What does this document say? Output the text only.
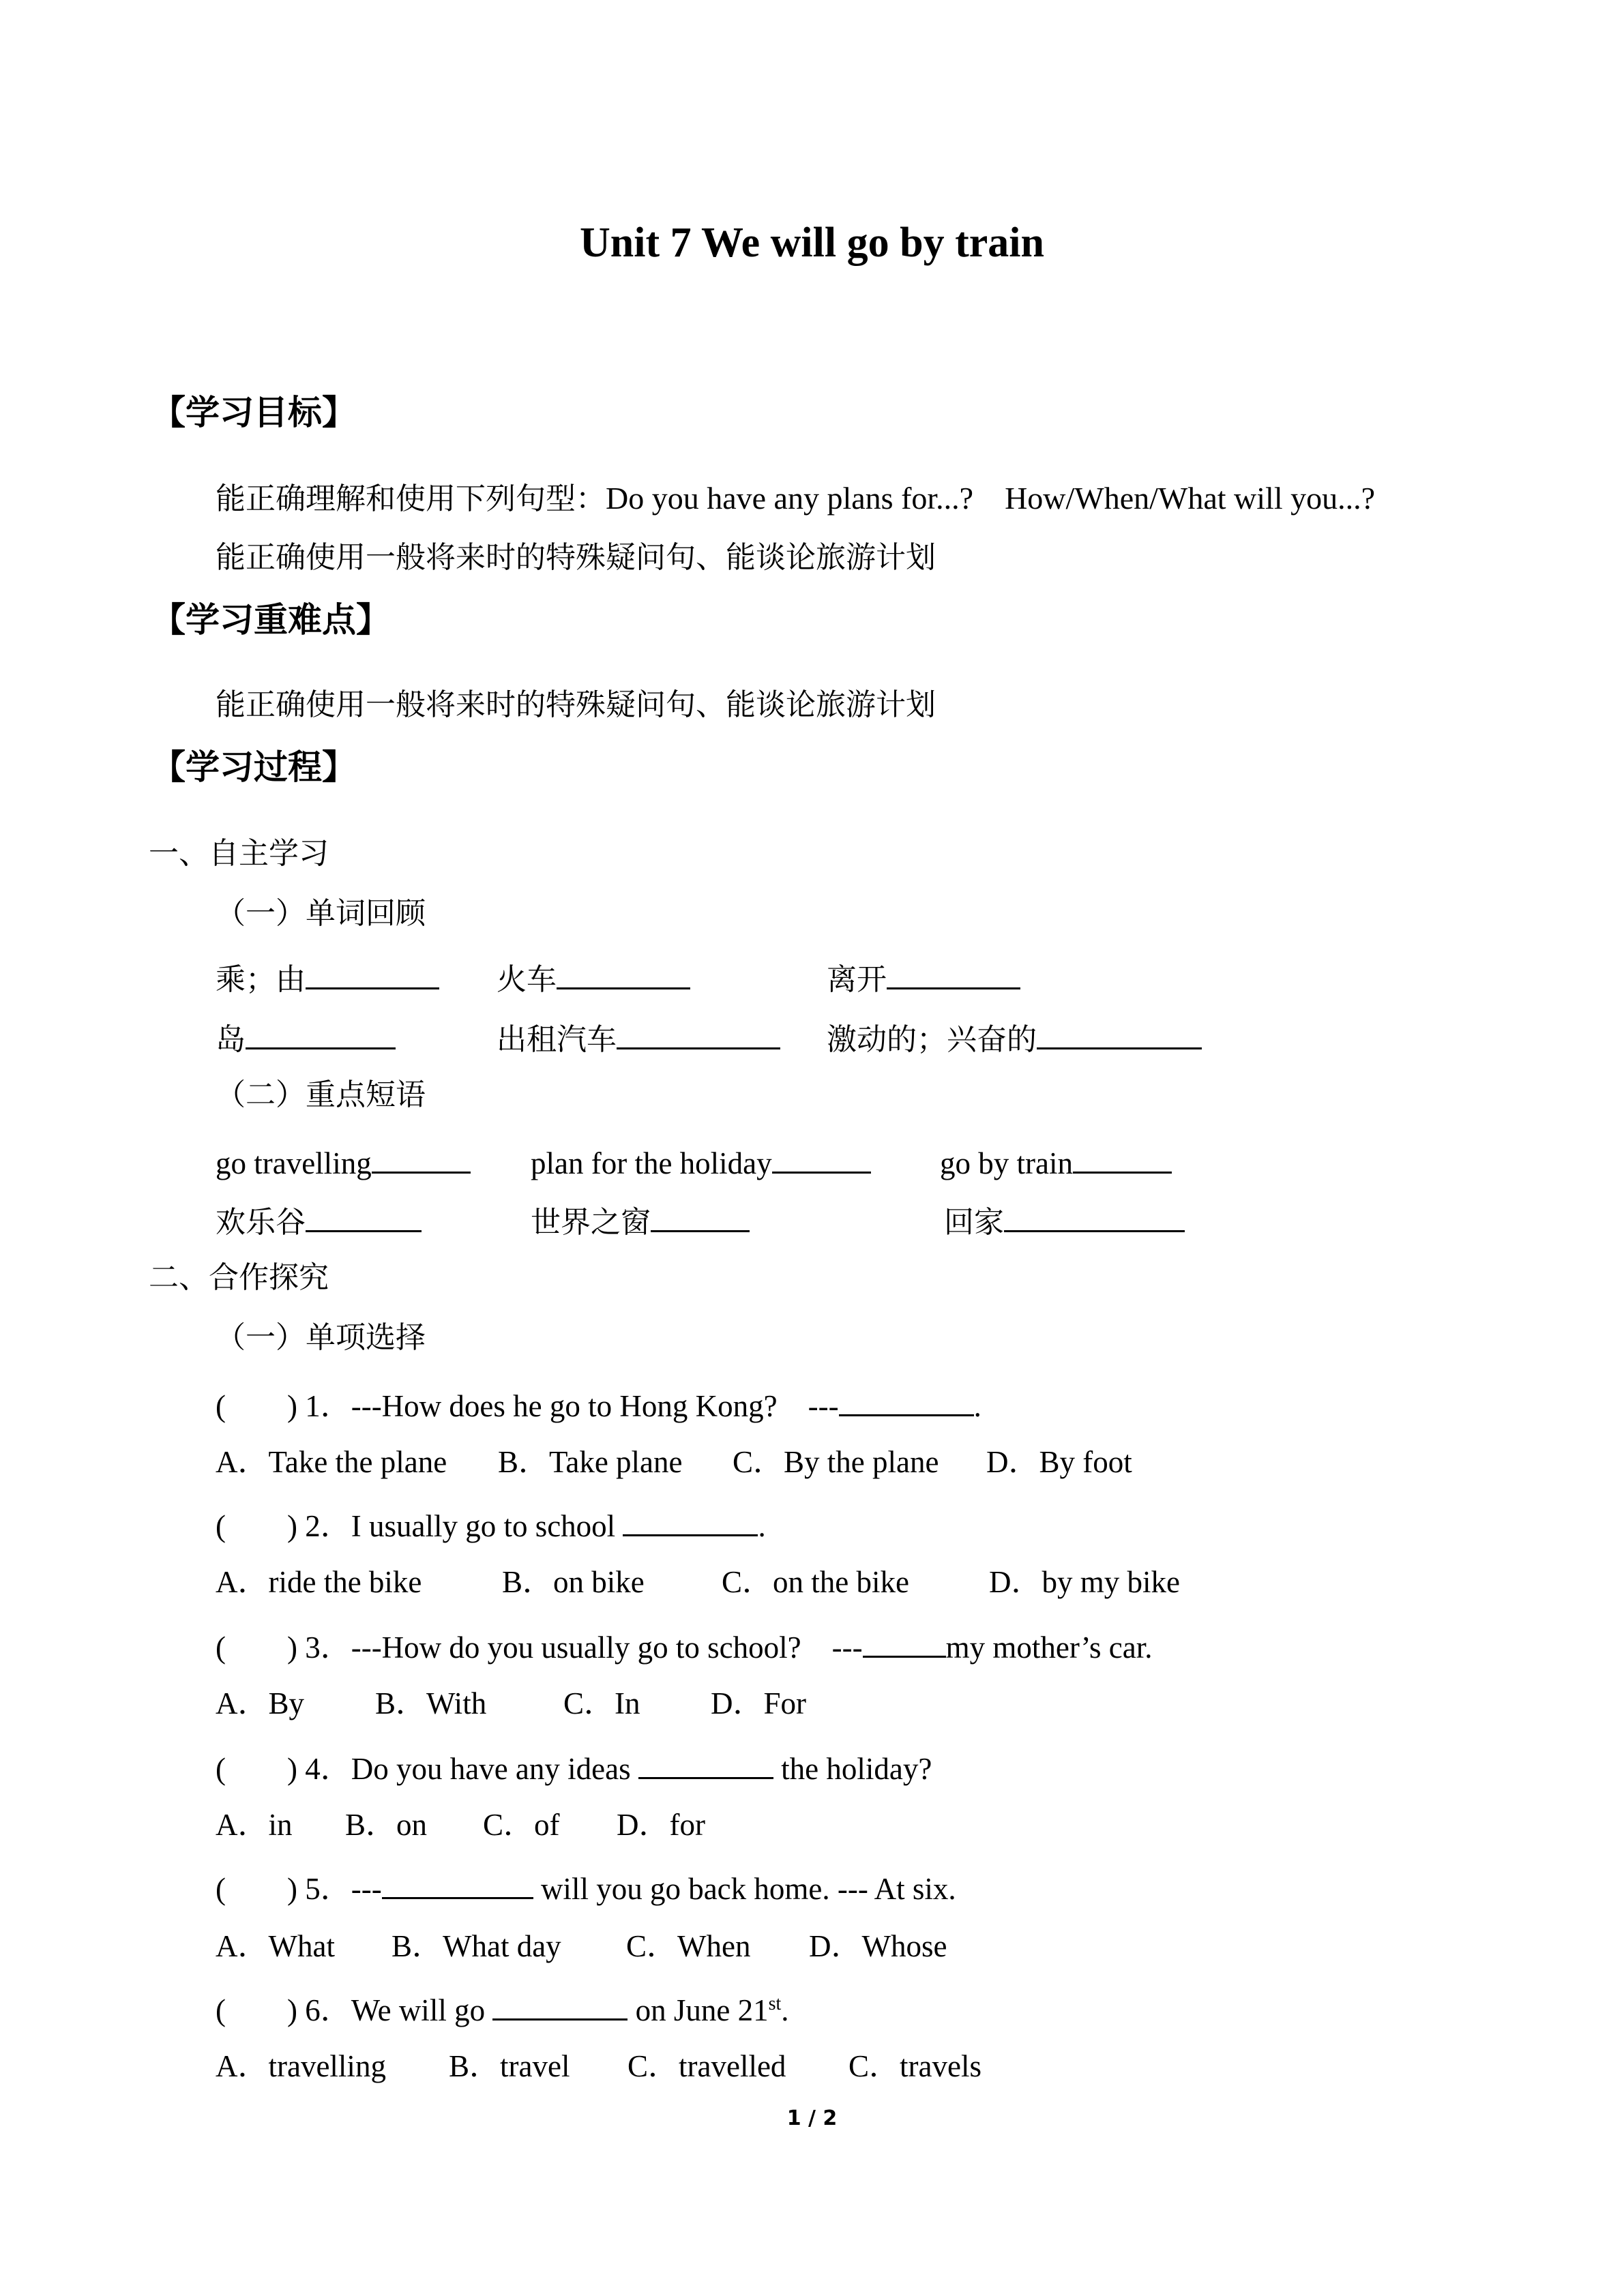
Unit 7 We will go by train
【学习目标】
能正确理解和使用下列句型：Do you have any plans for...?    How/When/What will you...?
能正确使用一般将来时的特殊疑问句、能谈论旅游计划
【学习重难点】
能正确使用一般将来时的特殊疑问句、能谈论旅游计划
【学习过程】
一、自主学习
（一）单词回顾
乘；由	火车	离开
岛	出租汽车	激动的；兴奋的
（二）重点短语
go travelling	plan for the holiday	go by train
欢乐谷	世界之窗	回家
二、合作探究
（一）单项选择
(        ) 1．---How does he go to Hong Kong?    ---	.
A．Take the plane B．Take plane C．By the plane D．By foot
(        ) 2．I usually go to school	.
A．ride the bike	B．on bike	C．on the bike	D．by my bike
(        ) 3．---How do you usually go to school?    ---	my mother’s car.
A．By B．With	C．In D．For
(        ) 4．Do you have any ideas	the holiday?
A．in B．on C．of D．for
(        ) 5．---	will you go back home. --- At six.
A．What B．What day C．When D．Whose
(        ) 6．We will go	on June 21st.
A．travelling B．travel C．travelled C．travels
1 / 2
